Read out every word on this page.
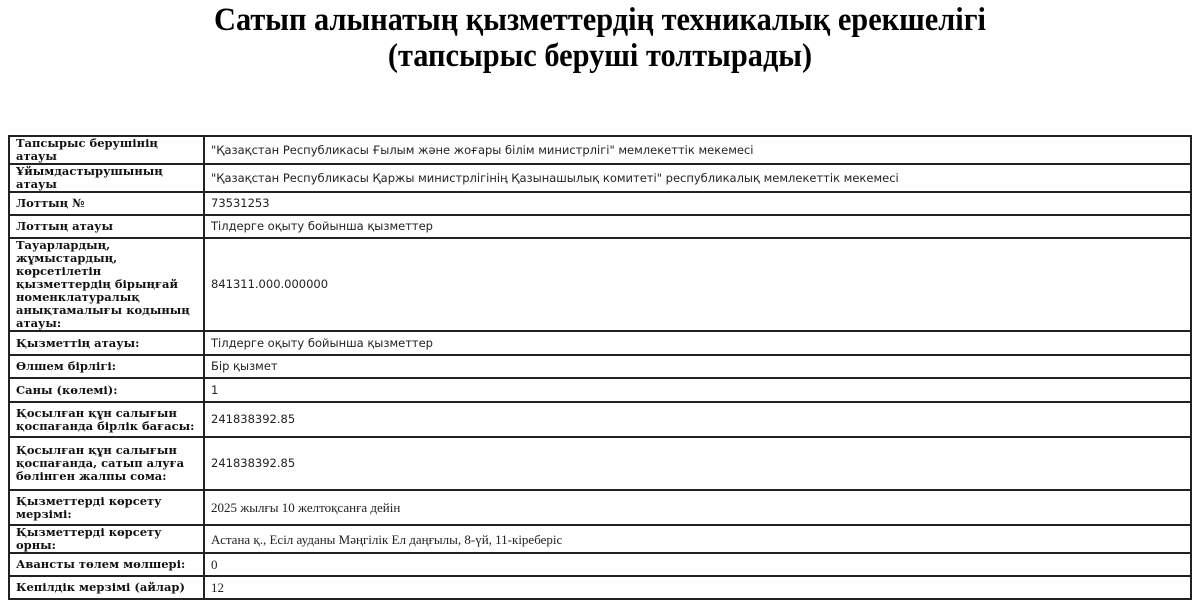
Сатып алынатың қызметтердің техникалық ерекшелігі
(тапсырыс беруші толтырады)
Тапсырыс берушінің атауы	"Қазақстан Республикасы Ғылым және жоғары білім министрлігі" мемлекеттік мекемесі
Ұйымдастырушының атауы	"Қазақстан Республикасы Қаржы министрлігінің Қазынашылық комитеті" республикалық мемлекеттік мекемесі
Лоттың №	73531253
Лоттың атауы	Тілдерге оқыту бойынша қызметтер
Тауарлардың, жұмыстардың, көрсетілетін қызметтердің бірыңғай номенклатуралық анықтамалығы кодының атауы:	841311.000.000000
Қызметтің атауы:	Тілдерге оқыту бойынша қызметтер
Өлшем бірлігі:	Бір қызмет
Саны (көлемі):	1
Қосылған құн салығын қоспағанда бірлік бағасы:	241838392.85
Қосылған құн салығын қоспағанда, сатып алуға бөлінген жалпы сома:	241838392.85
Қызметтерді көрсету мерзімі:	2025 жылғы 10 желтоқсанға дейін
Қызметтерді көрсету орны:	Астана қ., Есіл ауданы Мәңгілік Ел даңғылы, 8-үй, 11-кіреберіс
Авансты төлем мөлшері:	0
Кепілдік мерзімі (айлар)	12
